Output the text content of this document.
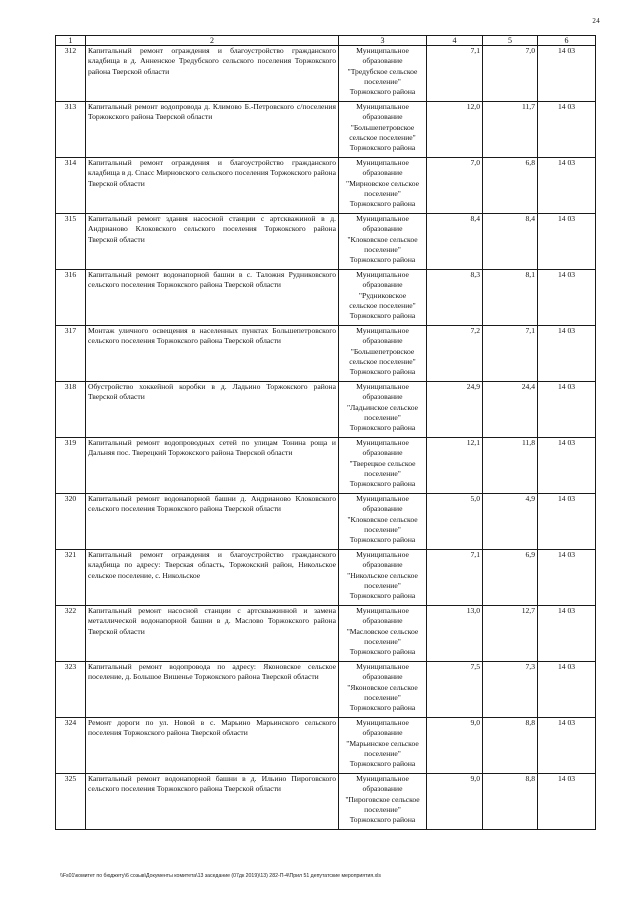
24
1	2	3	4	5	6
312	Капитальный ремонт ограждения и благоустройство гражданского кладбища в д. Анненское Тредубского сельского поселения Торжокского района Тверской области	Муниципальное
образование
"Тредубское сельское
поселение"
Торжокского района	7,1	7,0	14 03
313	Капитальный ремонт водопровода д. Климово Б.-Петровского с/поселения Торжокского района Тверской области	Муниципальное
образование
"Большепетровское
сельское поселение"
Торжокского района	12,0	11,7	14 03
314	Капитальный ремонт ограждения и благоустройство гражданского кладбища в д. Спасс Мирновского сельского поселения Торжокского района Тверской области	Муниципальное
образование
"Мирновское сельское
поселение"
Торжокского района	7,0	6,8	14 03
315	Капитальный ремонт здания насосной станции с артскважиной в д. Андрианово Клоковского сельского поселения Торжокского района Тверской области	Муниципальное
образование
"Клоковское сельское
поселение"
Торжокского района	8,4	8,4	14 03
316	Капитальный ремонт водонапорной башни в с. Таложня Рудниковского сельского поселения Торжокского района Тверской области	Муниципальное
образование
"Рудниковское
сельское поселение"
Торжокского района	8,3	8,1	14 03
317	Монтаж уличного освещения в населенных пунктах Большепетровского сельского поселения Торжокского района Тверской области	Муниципальное
образование
"Большепетровское
сельское поселение"
Торжокского района	7,2	7,1	14 03
318	Обустройство хоккейной коробки в д. Ладьино Торжокского района Тверской области	Муниципальное
образование
"Ладьинское сельское
поселение"
Торжокского района	24,9	24,4	14 03
319	Капитальный ремонт водопроводных сетей по улицам Тонина роща и Дальняя пос. Тверецкий Торжокского района Тверской области	Муниципальное
образование
"Тверецкое сельское
поселение"
Торжокского района	12,1	11,8	14 03
320	Капитальный ремонт водонапорной башни д. Андрианово Клоковского сельского поселения Торжокского района Тверской области	Муниципальное
образование
"Клоковское сельское
поселение"
Торжокского района	5,0	4,9	14 03
321	Капитальный ремонт ограждения и благоустройство гражданского кладбища по адресу: Тверская область, Торжокский район, Никольское сельское поселение, с. Никольское	Муниципальное
образование
"Никольское сельское
поселение"
Торжокского района	7,1	6,9	14 03
322	Капитальный ремонт насосной станции с артскважинной и замена металлической водонапорной башни в д. Маслово Торжокского района Тверской области	Муниципальное
образование
"Масловское сельское
поселение"
Торжокского района	13,0	12,7	14 03
323	Капитальный ремонт водопровода по адресу: Яконовское сельское поселение, д. Большое Вишенье Торжокского района Тверской области	Муниципальное
образование
"Яконовское сельское
поселение"
Торжокского района	7,5	7,3	14 03
324	Ремонт дороги по ул. Новой в с. Марьино Марьинского сельского поселения Торжокского района Тверской области	Муниципальное
образование
"Марьинское сельское
поселение"
Торжокского района	9,0	8,8	14 03
325	Капитальный ремонт водонапорной башни в д. Ильино Пироговского сельского поселения Торжокского района Тверской области	Муниципальное
образование
"Пироговское сельское
поселение"
Торжокского района	9,0	8,8	14 03
\\Fs01\комитет по бюджету\6 созыв\Документы комитета\13 заседание (07дк 2019)\13) 282-П-4\Прил 51 депутатские мероприятия.xls
